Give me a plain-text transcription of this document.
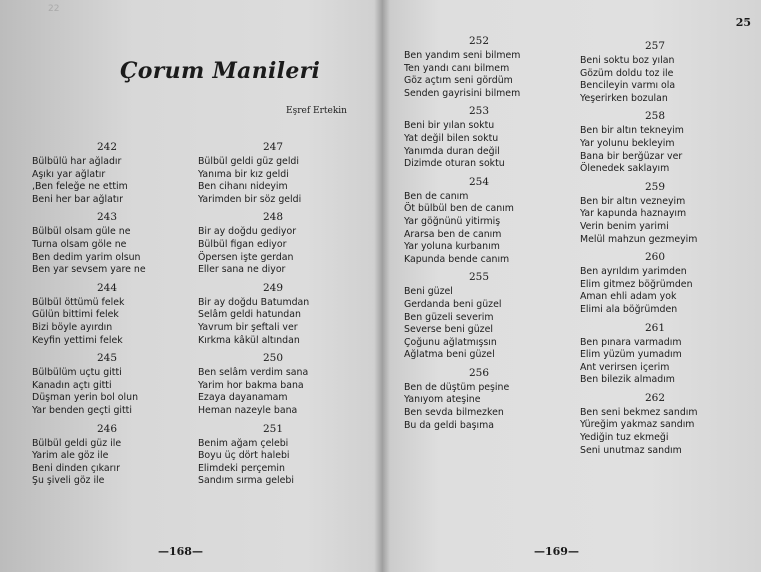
22
Çorum Manileri
Eşref Ertekin
242
Bülbülü har ağladır
Aşıkı yar ağlatır
,Ben feleğe ne ettim
Beni her bar ağlatır
243
Bülbül olsam güle ne
Turna olsam göle ne
Ben dedim yarim olsun
Ben yar sevsem yare ne
244
Bülbül öttümü felek
Gülün bittimi felek
Bizi böyle ayırdın
Keyfin yettimi felek
245
Bülbülüm uçtu gitti
Kanadın açtı gitti
Düşman yerin bol olun
Yar benden geçti gitti
246
Bülbül geldi güz ile
Yarim ale göz ile
Beni dinden çıkarır
Şu şiveli göz ile
247
Bülbül geldi güz geldi
Yanıma bir kız geldi
Ben cihanı nideyim
Yarimden bir söz geldi
248
Bir ay doğdu gediyor
Bülbül figan ediyor
Öpersen işte gerdan
Eller sana ne diyor
249
Bir ay doğdu Batumdan
Selâm geldi hatundan
Yavrum bir şeftali ver
Kırkma kâkül altından
250
Ben selâm verdim sana
Yarim hor bakma bana
Ezaya dayanamam
Heman nazeyle bana
251
Benim ağam çelebi
Boyu üç dört halebi
Elimdeki perçemin
Sandım sırma gelebi
—168—
25
252
Ben yandım seni bilmem
Ten yandı canı bilmem
Göz açtım seni gördüm
Senden gayrisini bilmem
253
Beni bir yılan soktu
Yat değil bilen soktu
Yanımda duran değil
Dizimde oturan soktu
254
Ben de canım
Öt bülbül ben de canım
Yar göğnünü yitirmiş
Ararsa ben de canım
Yar yoluna kurbanım
Kapunda bende canım
255
Beni güzel
Gerdanda beni güzel
Ben güzeli severim
Severse beni güzel
Çoğunu ağlatmışsın
Ağlatma beni güzel
256
Ben de düştüm peşine
Yanıyom ateşine
Ben sevda bilmezken
Bu da geldi başıma
257
Beni soktu boz yılan
Gözüm doldu toz ile
Bencileyin varmı ola
Yeşerirken bozulan
258
Ben bir altın tekneyim
Yar yolunu bekleyim
Bana bir berğüzar ver
Ölenedek saklayım
259
Ben bir altın vezneyim
Yar kapunda haznayım
Verin benim yarimi
Melül mahzun gezmeyim
260
Ben ayrıldım yarimden
Elim gitmez böğrümden
Aman ehli adam yok
Elimi ala böğrümden
261
Ben pınara varmadım
Elim yüzüm yumadım
Ant verirsen içerim
Ben bilezik almadım
262
Ben seni bekmez sandım
Yüreğim yakmaz sandım
Yediğin tuz ekmeği
Seni unutmaz sandım
—169—
